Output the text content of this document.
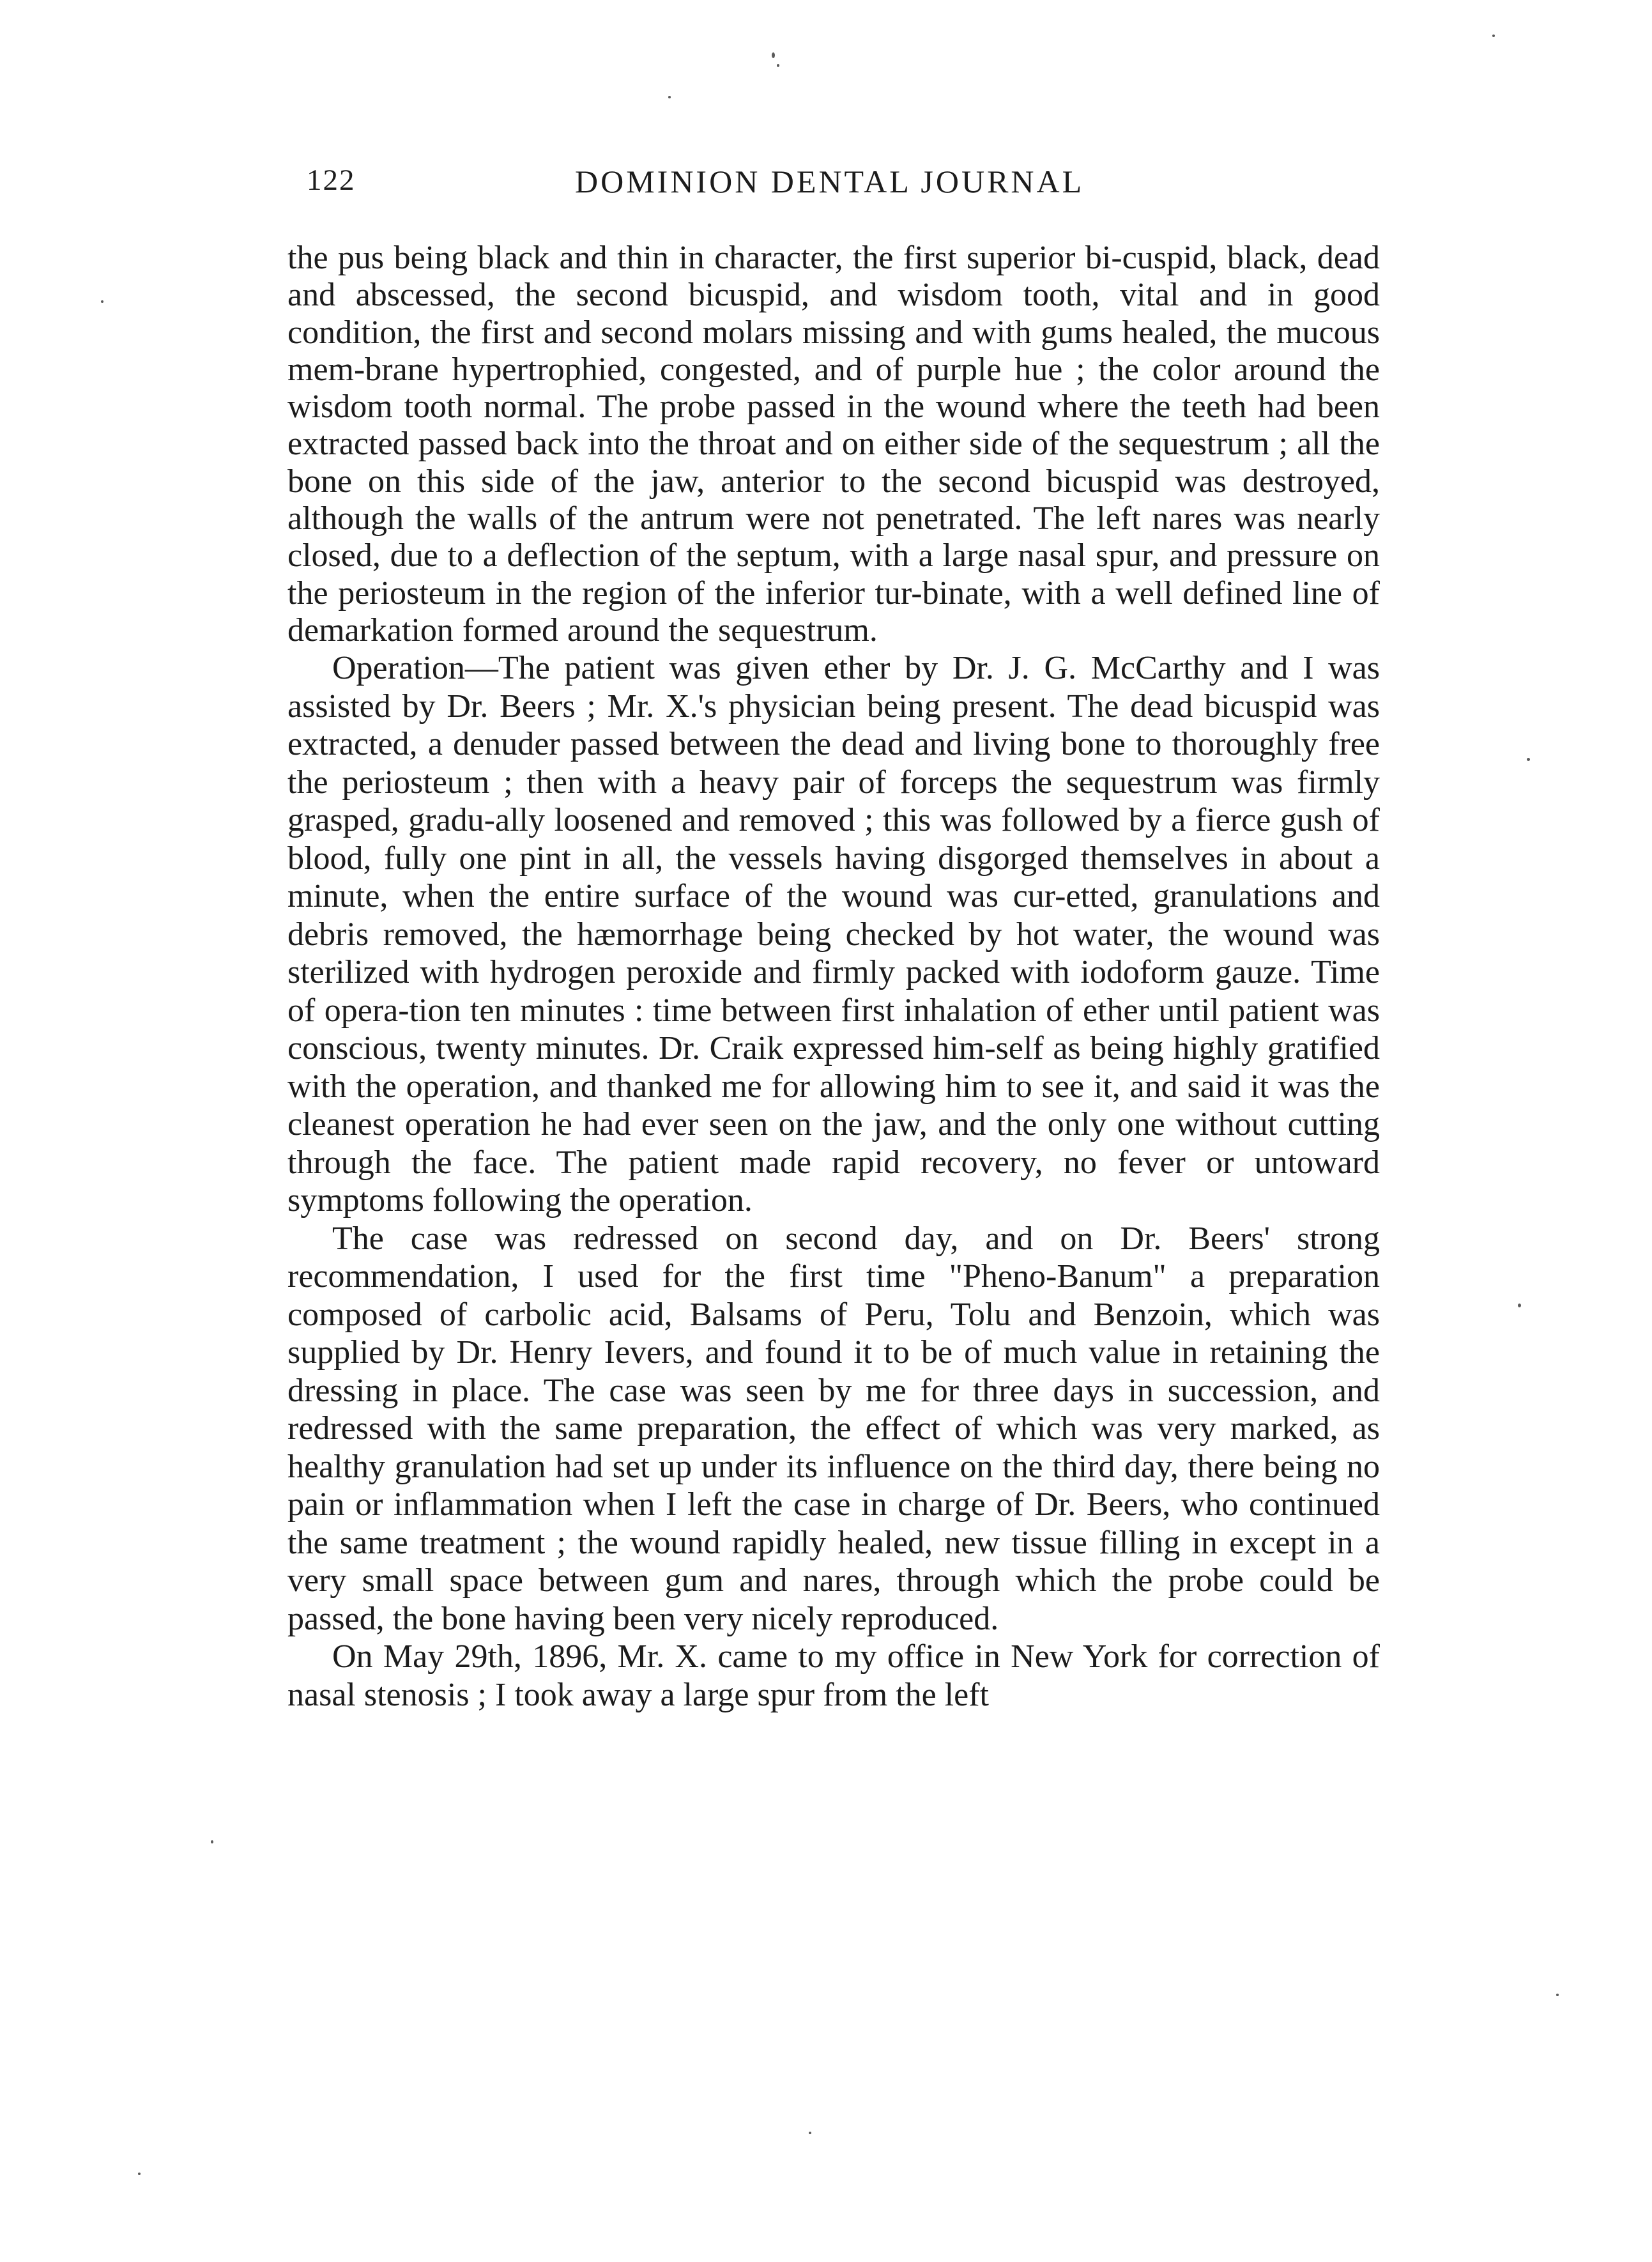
122	DOMINION DENTAL JOURNAL

the pus being black and thin in character, the first superior bi-cuspid, black, dead and abscessed, the second bicuspid, and wisdom tooth, vital and in good condition, the first and second molars missing and with gums healed, the mucous mem-brane hypertrophied, congested, and of purple hue ; the color around the wisdom tooth normal. The probe passed in the wound where the teeth had been extracted passed back into the throat and on either side of the sequestrum ; all the bone on this side of the jaw, anterior to the second bicuspid was destroyed, although the walls of the antrum were not penetrated. The left nares was nearly closed, due to a deflection of the septum, with a large nasal spur, and pressure on the periosteum in the region of the inferior tur-binate, with a well defined line of demarkation formed around the sequestrum.

Operation—The patient was given ether by Dr. J. G. McCarthy and I was assisted by Dr. Beers ; Mr. X.'s physician being present. The dead bicuspid was extracted, a denuder passed between the dead and living bone to thoroughly free the periosteum ; then with a heavy pair of forceps the sequestrum was firmly grasped, gradu-ally loosened and removed ; this was followed by a fierce gush of blood, fully one pint in all, the vessels having disgorged themselves in about a minute, when the entire surface of the wound was cur-etted, granulations and debris removed, the hæmorrhage being checked by hot water, the wound was sterilized with hydrogen peroxide and firmly packed with iodoform gauze. Time of opera-tion ten minutes : time between first inhalation of ether until patient was conscious, twenty minutes. Dr. Craik expressed him-self as being highly gratified with the operation, and thanked me for allowing him to see it, and said it was the cleanest operation he had ever seen on the jaw, and the only one without cutting through the face. The patient made rapid recovery, no fever or untoward symptoms following the operation.

The case was redressed on second day, and on Dr. Beers' strong recommendation, I used for the first time "Pheno-Banum" a preparation composed of carbolic acid, Balsams of Peru, Tolu and Benzoin, which was supplied by Dr. Henry Ievers, and found it to be of much value in retaining the dressing in place. The case was seen by me for three days in succession, and redressed with the same preparation, the effect of which was very marked, as healthy granulation had set up under its influence on the third day, there being no pain or inflammation when I left the case in charge of Dr. Beers, who continued the same treatment ; the wound rapidly healed, new tissue filling in except in a very small space between gum and nares, through which the probe could be passed, the bone having been very nicely reproduced.

On May 29th, 1896, Mr. X. came to my office in New York for correction of nasal stenosis ; I took away a large spur from the left
